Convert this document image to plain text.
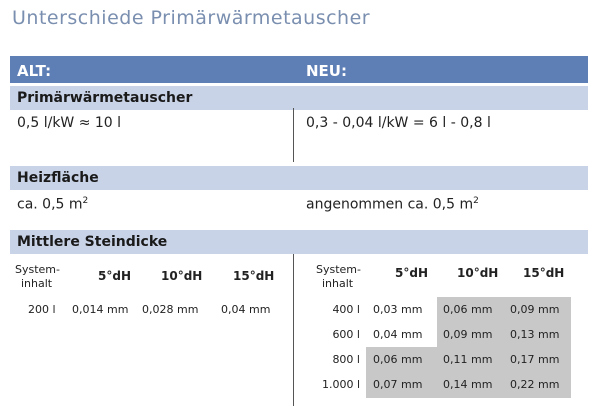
Unterschiede Primärwärmetauscher
ALT:	NEU:
Primärwärmetauscher
0,5 l/kW ≈ 10 l	0,3 - 0,04 l/kW = 6 l - 0,8 l
Heizfläche
ca. 0,5 $m^2$	angenommen ca. 0,5 $m^2$
Mittlere Steindicke
System-
inhalt
5°dH	10°dH	15°dH
200 l 0,014 mm 0,028 mm 0,04 mm
System-
inhalt
5°dH 10°dH 15°dH
400 l 0,03 mm 0,06 mm 0,09 mm
600 l 0,04 mm 0,09 mm 0,13 mm
800 l 0,06 mm 0,11 mm 0,17 mm
1.000 l 0,07 mm 0,14 mm 0,22 mm
